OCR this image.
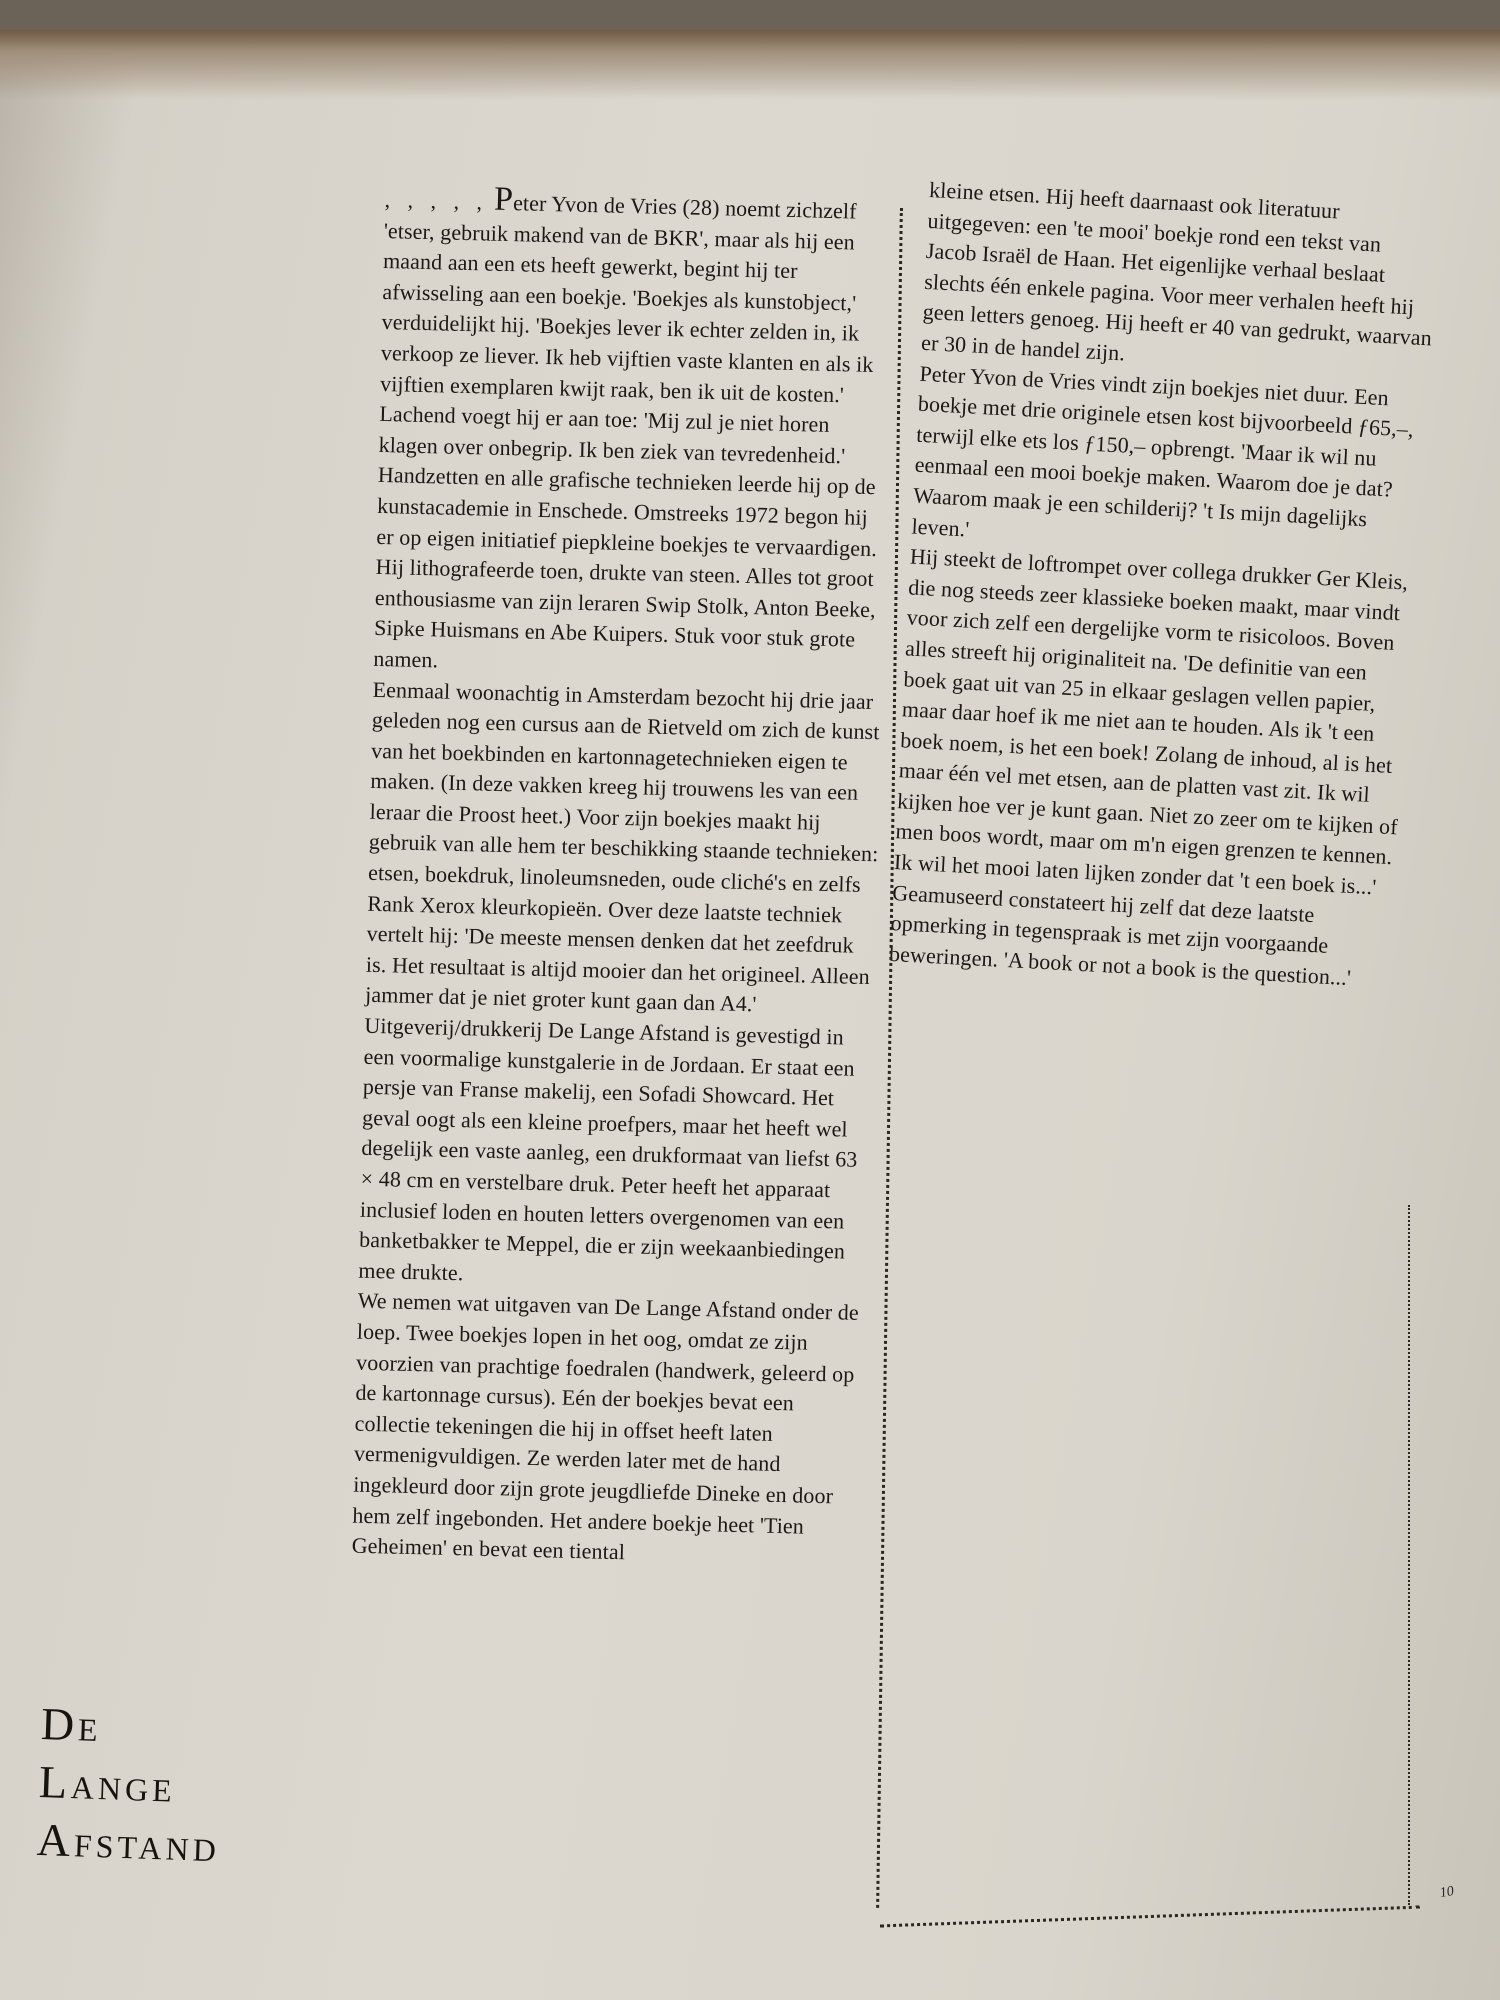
, , , , , Peter Yvon de Vries (28) noemt zichzelf 'etser, gebruik makend van de BKR', maar als hij een maand aan een ets heeft gewerkt, begint hij ter afwisseling aan een boekje. 'Boekjes als kunstobject,' verduidelijkt hij. 'Boekjes lever ik echter zelden in, ik verkoop ze liever. Ik heb vijftien vaste klanten en als ik vijftien exemplaren kwijt raak, ben ik uit de kosten.' Lachend voegt hij er aan toe: 'Mij zul je niet horen klagen over onbegrip. Ik ben ziek van tevredenheid.'

Handzetten en alle grafische technieken leerde hij op de kunstacademie in Enschede. Omstreeks 1972 begon hij er op eigen initiatief piepkleine boekjes te vervaardigen. Hij lithografeerde toen, drukte van steen. Alles tot groot enthousiasme van zijn leraren Swip Stolk, Anton Beeke, Sipke Huismans en Abe Kuipers. Stuk voor stuk grote namen.

Eenmaal woonachtig in Amsterdam bezocht hij drie jaar geleden nog een cursus aan de Rietveld om zich de kunst van het boekbinden en kartonnagetechnieken eigen te maken. (In deze vakken kreeg hij trouwens les van een leraar die Proost heet.) Voor zijn boekjes maakt hij gebruik van alle hem ter beschikking staande technieken: etsen, boekdruk, linoleumsneden, oude cliché's en zelfs Rank Xerox kleurkopieën. Over deze laatste techniek vertelt hij: 'De meeste mensen denken dat het zeefdruk is. Het resultaat is altijd mooier dan het origineel. Alleen jammer dat je niet groter kunt gaan dan A4.'

Uitgeverij/drukkerij De Lange Afstand is gevestigd in een voormalige kunstgalerie in de Jordaan. Er staat een persje van Franse makelij, een Sofadi Showcard. Het geval oogt als een kleine proefpers, maar het heeft wel degelijk een vaste aanleg, een drukformaat van liefst 63 × 48 cm en verstelbare druk. Peter heeft het apparaat inclusief loden en houten letters overgenomen van een banketbakker te Meppel, die er zijn weekaanbiedingen mee drukte.

We nemen wat uitgaven van De Lange Afstand onder de loep. Twee boekjes lopen in het oog, omdat ze zijn voorzien van prachtige foedralen (handwerk, geleerd op de kartonnage cursus). Eén der boekjes bevat een collectie tekeningen die hij in offset heeft laten vermenigvuldigen. Ze werden later met de hand ingekleurd door zijn grote jeugdliefde Dineke en door hem zelf ingebonden. Het andere boekje heet 'Tien Geheimen' en bevat een tiental

kleine etsen. Hij heeft daarnaast ook literatuur uitgegeven: een 'te mooi' boekje rond een tekst van Jacob Israël de Haan. Het eigenlijke verhaal beslaat slechts één enkele pagina. Voor meer verhalen heeft hij geen letters genoeg. Hij heeft er 40 van gedrukt, waarvan er 30 in de handel zijn.

Peter Yvon de Vries vindt zijn boekjes niet duur. Een boekje met drie originele etsen kost bijvoorbeeld ƒ65,–, terwijl elke ets los ƒ150,– opbrengt. 'Maar ik wil nu eenmaal een mooi boekje maken. Waarom doe je dat? Waarom maak je een schilderij? 't Is mijn dagelijks leven.'

Hij steekt de loftrompet over collega drukker Ger Kleis, die nog steeds zeer klassieke boeken maakt, maar vindt voor zich zelf een dergelijke vorm te risicoloos. Boven alles streeft hij originaliteit na. 'De definitie van een boek gaat uit van 25 in elkaar geslagen vellen papier, maar daar hoef ik me niet aan te houden. Als ik 't een boek noem, is het een boek! Zolang de inhoud, al is het maar één vel met etsen, aan de platten vast zit. Ik wil kijken hoe ver je kunt gaan. Niet zo zeer om te kijken of men boos wordt, maar om m'n eigen grenzen te kennen. Ik wil het mooi laten lijken zonder dat 't een boek is...' Geamuseerd constateert hij zelf dat deze laatste opmerking in tegenspraak is met zijn voorgaande beweringen. 'A book or not a book is the question...'

De
Lange
Afstand
10
